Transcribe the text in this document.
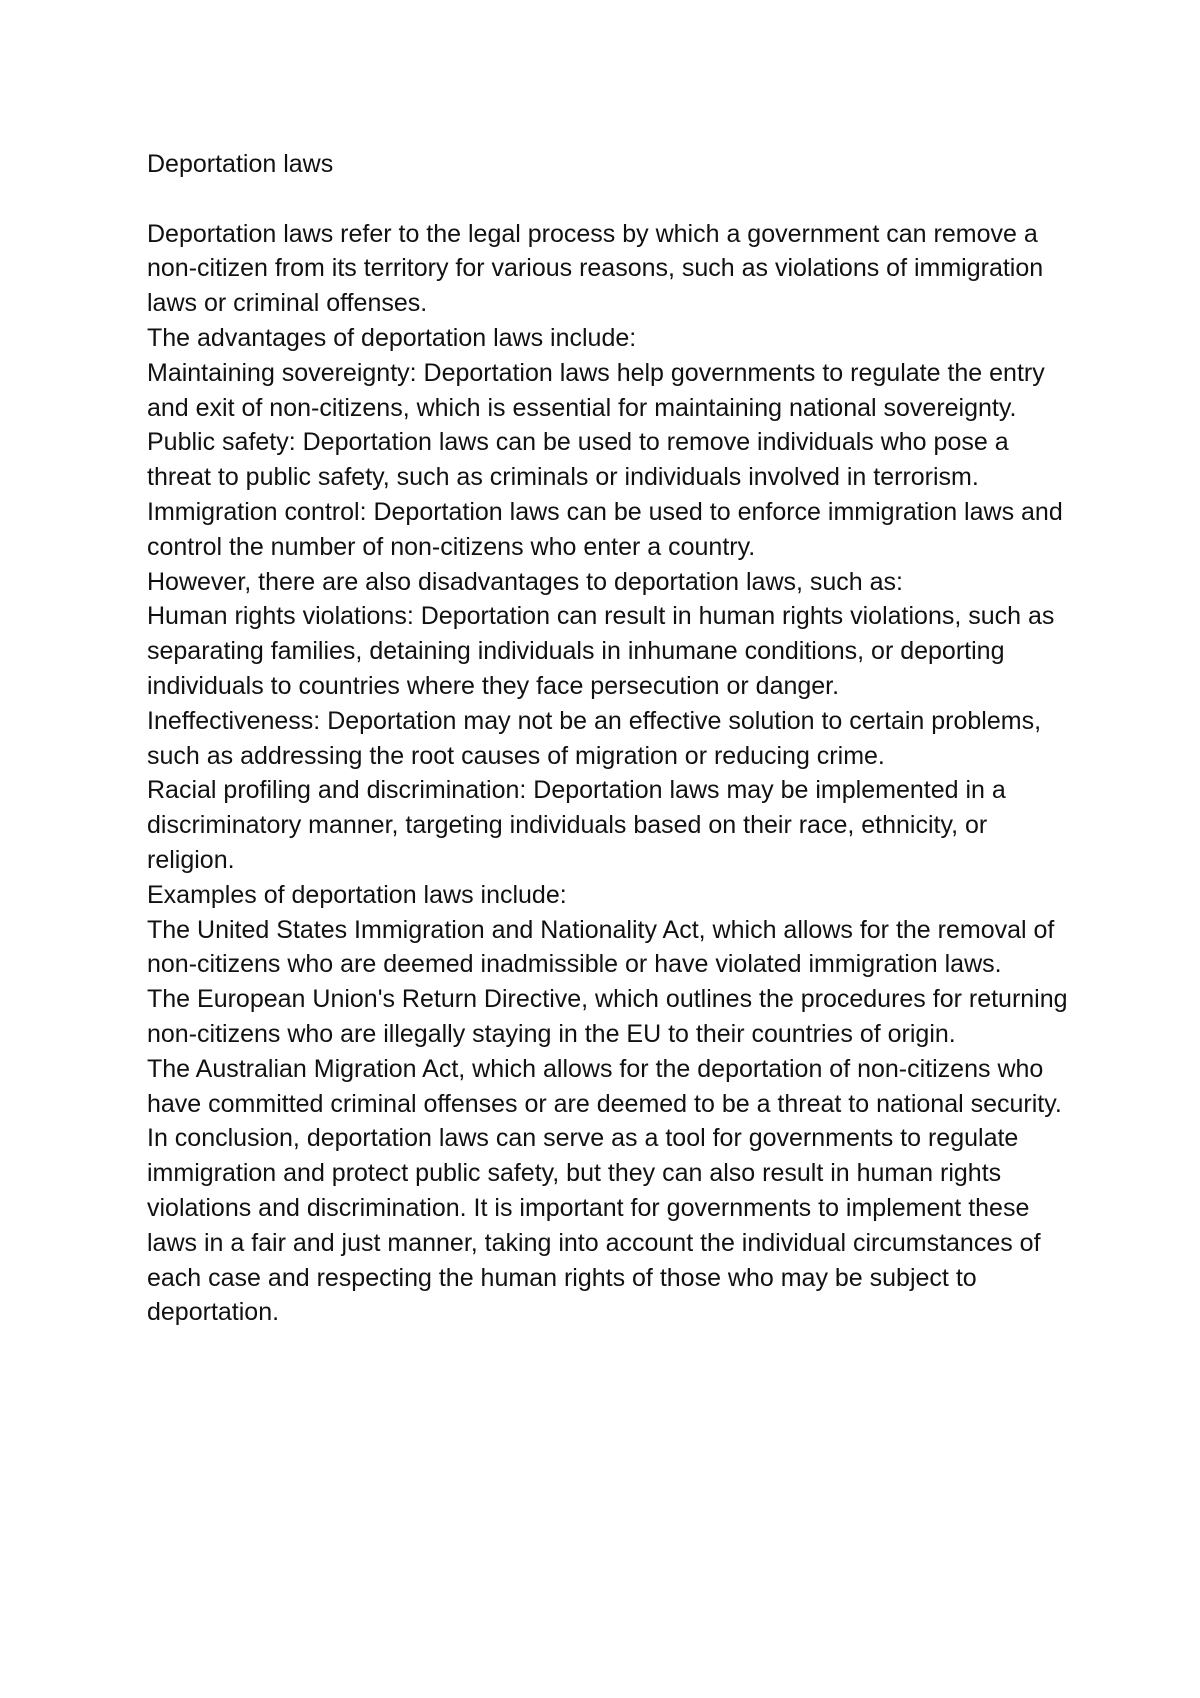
Deportation laws

Deportation laws refer to the legal process by which a government can remove a non-citizen from its territory for various reasons, such as violations of immigration laws or criminal offenses.

The advantages of deportation laws include:

Maintaining sovereignty: Deportation laws help governments to regulate the entry and exit of non-citizens, which is essential for maintaining national sovereignty.

Public safety: Deportation laws can be used to remove individuals who pose a threat to public safety, such as criminals or individuals involved in terrorism.

Immigration control: Deportation laws can be used to enforce immigration laws and control the number of non-citizens who enter a country.

However, there are also disadvantages to deportation laws, such as:

Human rights violations: Deportation can result in human rights violations, such as separating families, detaining individuals in inhumane conditions, or deporting individuals to countries where they face persecution or danger.

Ineffectiveness: Deportation may not be an effective solution to certain problems, such as addressing the root causes of migration or reducing crime.

Racial profiling and discrimination: Deportation laws may be implemented in a discriminatory manner, targeting individuals based on their race, ethnicity, or religion.

Examples of deportation laws include:

The United States Immigration and Nationality Act, which allows for the removal of non-citizens who are deemed inadmissible or have violated immigration laws.

The European Union's Return Directive, which outlines the procedures for returning non-citizens who are illegally staying in the EU to their countries of origin.

The Australian Migration Act, which allows for the deportation of non-citizens who have committed criminal offenses or are deemed to be a threat to national security.

In conclusion, deportation laws can serve as a tool for governments to regulate immigration and protect public safety, but they can also result in human rights violations and discrimination. It is important for governments to implement these laws in a fair and just manner, taking into account the individual circumstances of each case and respecting the human rights of those who may be subject to deportation.
